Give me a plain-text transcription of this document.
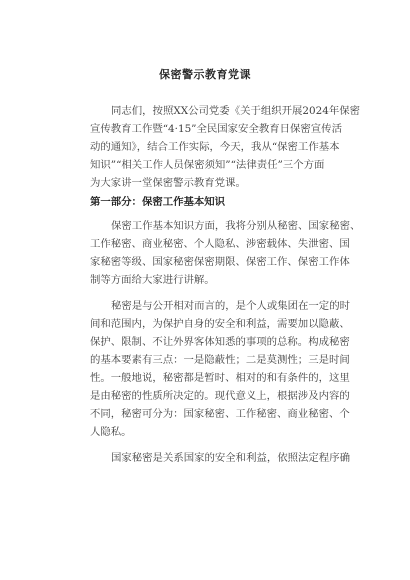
保密警示教育党课
同志们，按照XX公司党委《关于组织开展2024年保密
宣传教育工作暨“4·15”全民国家安全教育日保密宣传活
动的通知》，结合工作实际，今天，我从“保密工作基本
知识”“相关工作人员保密须知”“法律责任”三个方面
为大家讲一堂保密警示教育党课。
第一部分：保密工作基本知识
保密工作基本知识方面，我将分别从秘密、国家秘密、
工作秘密、商业秘密、个人隐私、涉密载体、失泄密、国
家秘密等级、国家秘密保密期限、保密工作、保密工作体
制等方面给大家进行讲解。
秘密是与公开相对而言的，是个人或集团在一定的时
间和范围内，为保护自身的安全和利益，需要加以隐蔽、
保护、限制、不让外界客体知悉的事项的总称。构成秘密
的基本要素有三点：一是隐蔽性；二是莫测性；三是时间
性。一般地说，秘密都是暂时、相对的和有条件的，这里
是由秘密的性质所决定的。现代意义上，根据涉及内容的
不同，秘密可分为：国家秘密、工作秘密、商业秘密、个
人隐私。
国家秘密是关系国家的安全和利益，依照法定程序确
